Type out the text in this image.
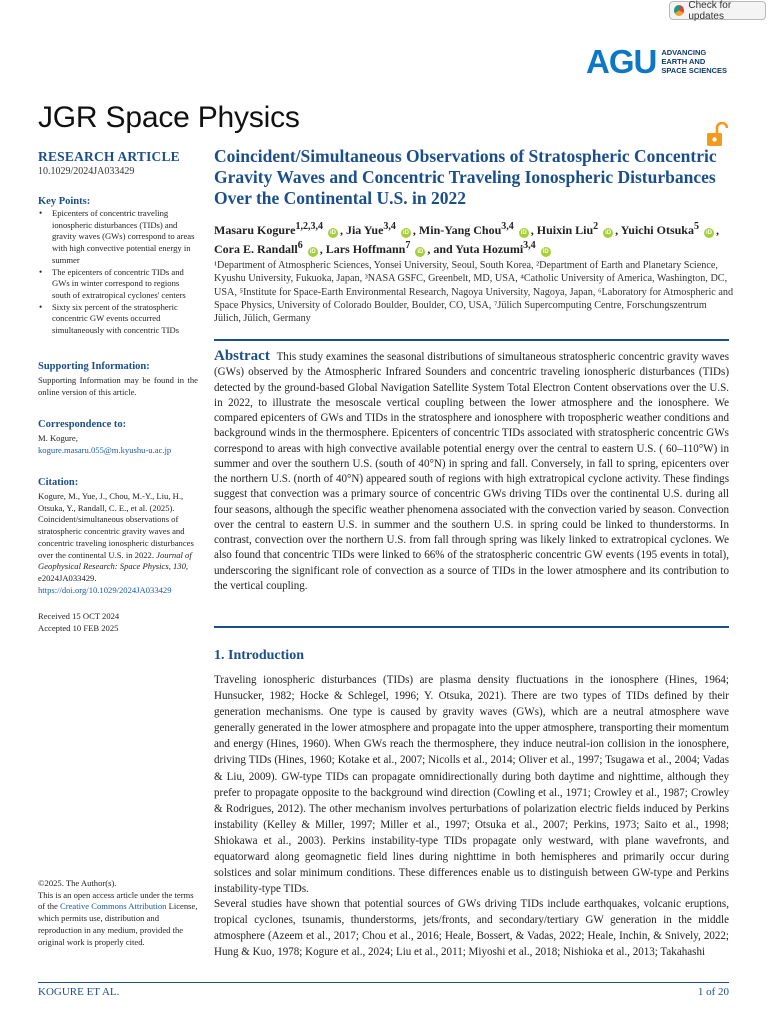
Check for updates
AGU ADVANCING
EARTH AND
SPACE SCIENCES
JGR Space Physics
RESEARCH ARTICLE
10.1029/2024JA033429
Key Points:
• Epicenters of concentric traveling ionospheric disturbances (TIDs) and gravity waves (GWs) correspond to areas with high convective potential energy in summer
• The epicenters of concentric TIDs and GWs in winter correspond to regions south of extratropical cyclones' centers
• Sixty six percent of the stratospheric concentric GW events occurred simultaneously with concentric TIDs
Supporting Information:
Supporting Information may be found in the online version of this article.
Correspondence to:
M. Kogure,
kogure.masaru.055@m.kyushu-u.ac.jp
Citation:
Kogure, M., Yue, J., Chou, M.-Y., Liu, H., Otsuka, Y., Randall, C. E., et al. (2025). Coincident/simultaneous observations of stratospheric concentric gravity waves and concentric traveling ionospheric disturbances over the continental U.S. in 2022. Journal of Geophysical Research: Space Physics, 130, e2024JA033429.
https://doi.org/10.1029/2024JA033429
Received 15 OCT 2024
Accepted 10 FEB 2025
©2025. The Author(s).
This is an open access article under the terms of the Creative Commons Attribution License, which permits use, distribution and reproduction in any medium, provided the original work is properly cited.
Coincident/Simultaneous Observations of Stratospheric Concentric Gravity Waves and Concentric Traveling Ionospheric Disturbances Over the Continental U.S. in 2022
Masaru Kogure$^{1,2,3,4}$ iD , Jia Yue$^{3,4}$ iD , Min-Yang Chou$^{3,4}$ iD , Huixin Liu$^2$ iD , Yuichi Otsuka$^5$ iD , Cora E. Randall$^6$ iD , Lars Hoffmann$^7$ iD , and Yuta Hozumi$^{3,4}$ iD
¹Department of Atmospheric Sciences, Yonsei University, Seoul, South Korea, ²Department of Earth and Planetary Science, Kyushu University, Fukuoka, Japan, ³NASA GSFC, Greenbelt, MD, USA, ⁴Catholic University of America, Washington, DC, USA, ⁵Institute for Space-Earth Environmental Research, Nagoya University, Nagoya, Japan, ⁶Laboratory for Atmospheric and Space Physics, University of Colorado Boulder, Boulder, CO, USA, ⁷Jülich Supercomputing Centre, Forschungszentrum Jülich, Jülich, Germany
Abstract This study examines the seasonal distributions of simultaneous stratospheric concentric gravity waves (GWs) observed by the Atmospheric Infrared Sounders and concentric traveling ionospheric disturbances (TIDs) detected by the ground-based Global Navigation Satellite System Total Electron Content observations over the U.S. in 2022, to illustrate the mesoscale vertical coupling between the lower atmosphere and the ionosphere. We compared epicenters of GWs and TIDs in the stratosphere and ionosphere with tropospheric weather conditions and background winds in the thermosphere. Epicenters of concentric TIDs associated with stratospheric concentric GWs correspond to areas with high convective available potential energy over the central to eastern U.S. ( 60–110°W) in summer and over the southern U.S. (south of 40°N) in spring and fall. Conversely, in fall to spring, epicenters over the northern U.S. (north of 40°N) appeared south of regions with high extratropical cyclone activity. These findings suggest that convection was a primary source of concentric GWs driving TIDs over the continental U.S. during all four seasons, although the specific weather phenomena associated with the convection varied by season. Convection over the central to eastern U.S. in summer and the southern U.S. in spring could be linked to thunderstorms. In contrast, convection over the northern U.S. from fall through spring was likely linked to extratropical cyclones. We also found that concentric TIDs were linked to 66% of the stratospheric concentric GW events (195 events in total), underscoring the significant role of convection as a source of TIDs in the lower atmosphere and its contribution to the vertical coupling.
1. Introduction
Traveling ionospheric disturbances (TIDs) are plasma density fluctuations in the ionosphere (Hines, 1964; Hunsucker, 1982; Hocke & Schlegel, 1996; Y. Otsuka, 2021). There are two types of TIDs defined by their generation mechanisms. One type is caused by gravity waves (GWs), which are a neutral atmosphere wave generally generated in the lower atmosphere and propagate into the upper atmosphere, transporting their momentum and energy (Hines, 1960). When GWs reach the thermosphere, they induce neutral-ion collision in the ionosphere, driving TIDs (Hines, 1960; Kotake et al., 2007; Nicolls et al., 2014; Oliver et al., 1997; Tsugawa et al., 2004; Vadas & Liu, 2009). GW-type TIDs can propagate omnidirectionally during both daytime and nighttime, although they prefer to propagate opposite to the background wind direction (Cowling et al., 1971; Crowley et al., 1987; Crowley & Rodrigues, 2012). The other mechanism involves perturbations of polarization electric fields induced by Perkins instability (Kelley & Miller, 1997; Miller et al., 1997; Otsuka et al., 2007; Perkins, 1973; Saito et al., 1998; Shiokawa et al., 2003). Perkins instability-type TIDs propagate only westward, with plane wavefronts, and equatorward along geomagnetic field lines during nighttime in both hemispheres and primarily occur during solstices and solar minimum conditions. These differences enable us to distinguish between GW-type and Perkins instability-type TIDs.
Several studies have shown that potential sources of GWs driving TIDs include earthquakes, volcanic eruptions, tropical cyclones, tsunamis, thunderstorms, jets/fronts, and secondary/tertiary GW generation in the middle atmosphere (Azeem et al., 2017; Chou et al., 2016; Heale, Bossert, & Vadas, 2022; Heale, Inchin, & Snively, 2022; Hung & Kuo, 1978; Kogure et al., 2024; Liu et al., 2011; Miyoshi et al., 2018; Nishioka et al., 2013; Takahashi
KOGURE ET AL.	1 of 20
